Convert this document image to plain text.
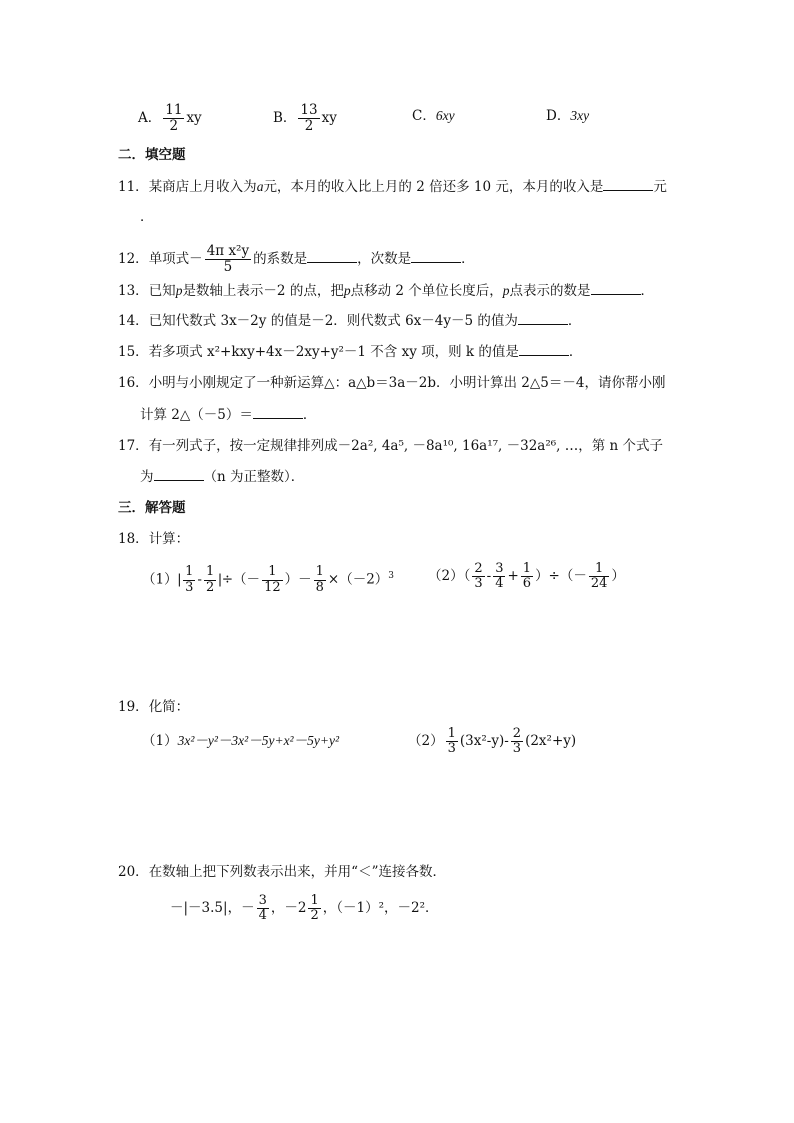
A． $\frac{11}{2}$ xy	B． $\frac{13}{2}$ xy	C．6xy	D．3xy
二．填空题
11．某商店上月收入为a元，本月的收入比上月的 2 倍还多 10 元，本月的收入是	元
．
12．单项式－ $\frac{\text{4π x²y}}{5}$ 的系数是	，次数是	．
13．已知p是数轴上表示－2 的点，把p点移动 2 个单位长度后，p点表示的数是	．
14．已知代数式 3x－2y 的值是－2．则代数式 6x－4y－5 的值为	．
15．若多项式 x²+kxy+4x－2xy+y²－1 不含 xy 项，则 k 的值是	．
16．小明与小刚规定了一种新运算△：a△b＝3a－2b．小明计算出 2△5＝－4，请你帮小刚
计算 2△（－5）＝	．
17．有一列式子，按一定规律排列成－2a², 4a⁵, －8a¹⁰, 16a¹⁷, －32a²⁶, …，第 n 个式子
为	（n 为正整数）．
三．解答题
18．计算：
$(1)| \frac{1}{3} - \frac{1}{2}$ |÷（－ $\frac{1}{12}$ ）－ $\frac{1}{8} \times(-2)^3$	$(2)( \frac{2}{3} - \frac{3}{4} + \frac{1}{6}$ ）÷（－ $\frac{1}{24}$ ）
19．化简：
（1）3x²－y²－3x²－5y+x²－5y+y²	$(2) \frac{1}{3} (3x^2-y)- \frac{2}{3} (2x^2+y)$
20．在数轴上把下列数表示出来，并用“＜”连接各数．
－|－3.5|，－ $\frac{3}{4}$ ，$-2 \frac{1}{2}$ ，（－1）²，－2²．
